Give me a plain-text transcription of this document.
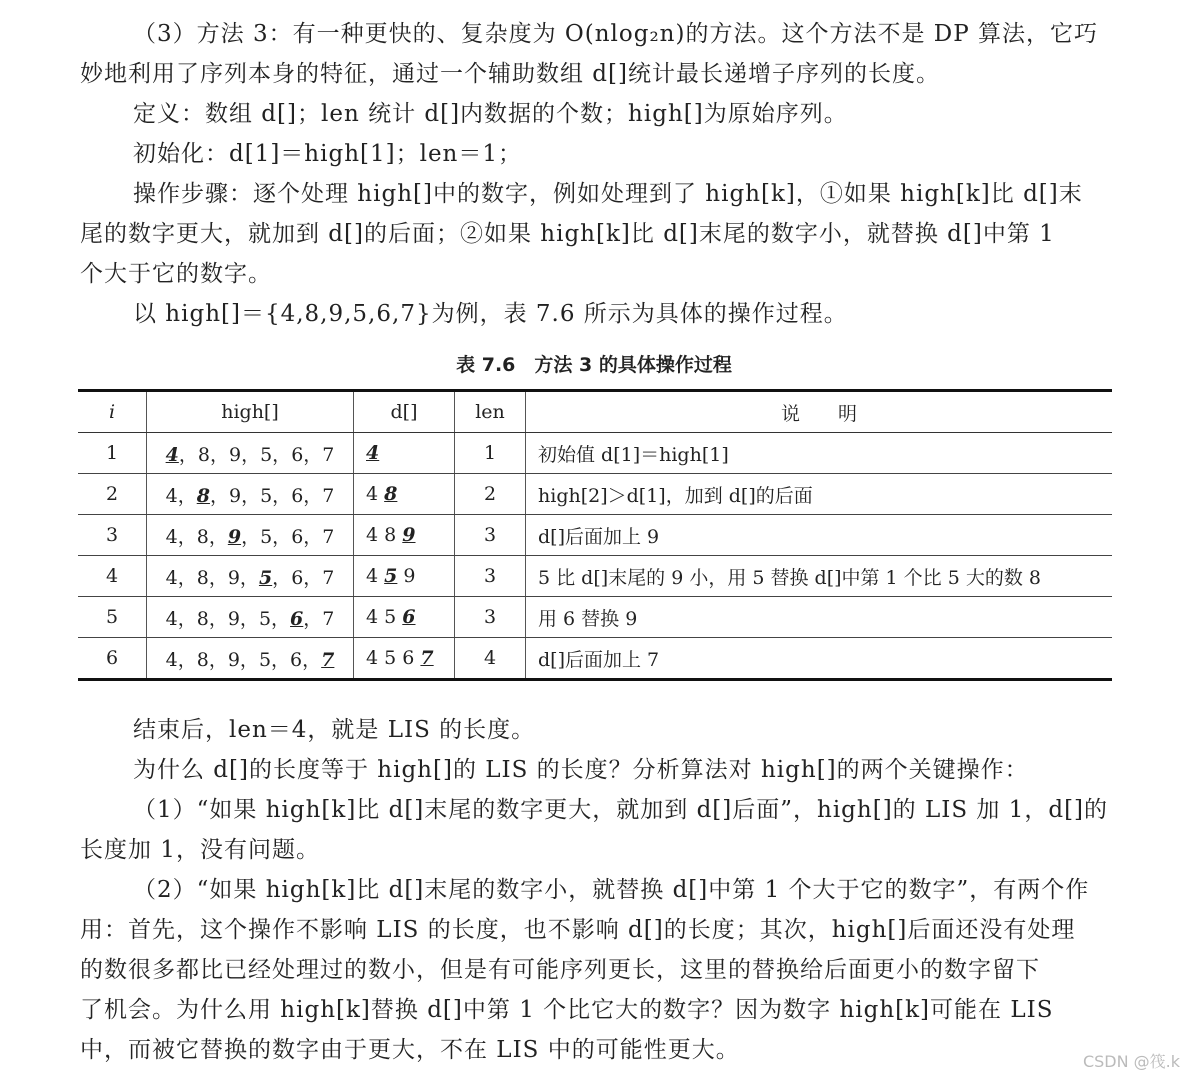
（3）方法 3：有一种更快的、复杂度为 O(nlog₂n)的方法。这个方法不是 DP 算法，它巧
妙地利用了序列本身的特征，通过一个辅助数组 d[]统计最长递增子序列的长度。
定义：数组 d[]；len 统计 d[]内数据的个数；high[]为原始序列。
初始化：d[1]＝high[1]；len＝1；
操作步骤：逐个处理 high[]中的数字，例如处理到了 high[k]，①如果 high[k]比 d[]末
尾的数字更大，就加到 d[]的后面；②如果 high[k]比 d[]末尾的数字小，就替换 d[]中第 1
个大于它的数字。
以 high[]＝{4,8,9,5,6,7}为例，表 7.6 所示为具体的操作过程。
表 7.6　方法 3 的具体操作过程
i	high[]	d[]	len	说　　明
1	4，8，9，5，6，7	4	1	初始值 d[1]＝high[1]
2	4，8，9，5，6，7	4 8	2	high[2]＞d[1]，加到 d[]的后面
3	4，8，9，5，6，7	4 8 9	3	d[]后面加上 9
4	4，8，9，5，6，7	4 5 9	3	5 比 d[]末尾的 9 小，用 5 替换 d[]中第 1 个比 5 大的数 8
5	4，8，9，5，6，7	4 5 6	3	用 6 替换 9
6	4，8，9，5，6，7	4 5 6 7	4	d[]后面加上 7
结束后，len＝4，就是 LIS 的长度。
为什么 d[]的长度等于 high[]的 LIS 的长度？分析算法对 high[]的两个关键操作：
（1）“如果 high[k]比 d[]末尾的数字更大，就加到 d[]后面”，high[]的 LIS 加 1，d[]的
长度加 1，没有问题。
（2）“如果 high[k]比 d[]末尾的数字小，就替换 d[]中第 1 个大于它的数字”，有两个作
用：首先，这个操作不影响 LIS 的长度，也不影响 d[]的长度；其次，high[]后面还没有处理
的数很多都比已经处理过的数小，但是有可能序列更长，这里的替换给后面更小的数字留下
了机会。为什么用 high[k]替换 d[]中第 1 个比它大的数字？因为数字 high[k]可能在 LIS
中，而被它替换的数字由于更大，不在 LIS 中的可能性更大。	CSDN @筏.k
